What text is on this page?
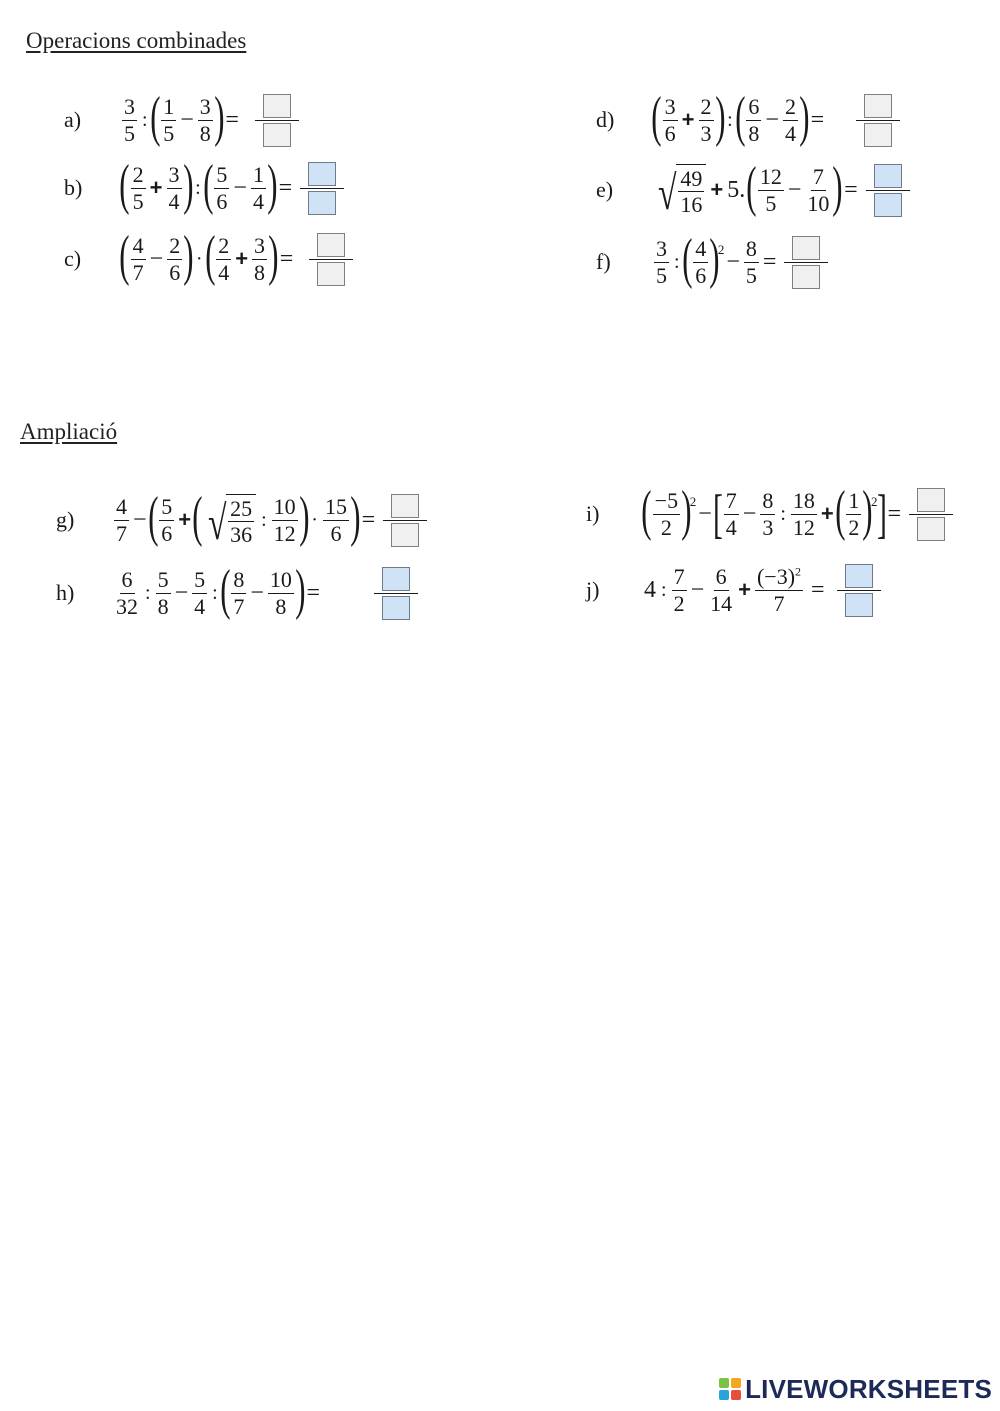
Operacions combinades
a)	$\frac{3}{5}$ : ( $\frac{1}{5} - \frac{3}{8}$ ) =
b) ( $\frac{2}{5} + \frac{3}{4}$ ) : ( $\frac{5}{6} - \frac{1}{4}$ ) =
c) ( $\frac{4}{7} - \frac{2}{6}$ ) · ( $\frac{2}{4} + \frac{3}{8}$ ) =
d) ( $\frac{3}{6} + \frac{2}{3}$ ) : ( $\frac{6}{8} - \frac{2}{4}$ ) =
e) √ $\frac{49}{16} + 5$. ( $\frac{12}{5} - \frac{7}{10}$ ) =
f)	$\frac{3}{5}$ : ( $\frac{4}{6}$ )
$2 - \frac{8}{5}$ =
Ampliació
g)	$\frac{4}{7}$ − ( $\frac{5}{6}$ + ( √ $\frac{25}{36}$ : $\frac{10}{12}$ ) · $\frac{15}{6}$ ) =
h)	$\frac{6}{32}$ : $\frac{5}{8} - \frac{5}{4}$ : ( $\frac{8}{7} - \frac{10}{8}$ ) =
i) ( $\frac{-5}{2}$ )
2 − [ $\frac{7}{4} - \frac{8}{3}$ : $\frac{18}{12}$ + ( $\frac{1}{2}$ )
2 ] =
j)	4 : $\frac{7}{2} - \frac{6}{14} + \frac{(-3)^2}{7}$ =
LIVEWORKSHEETS
